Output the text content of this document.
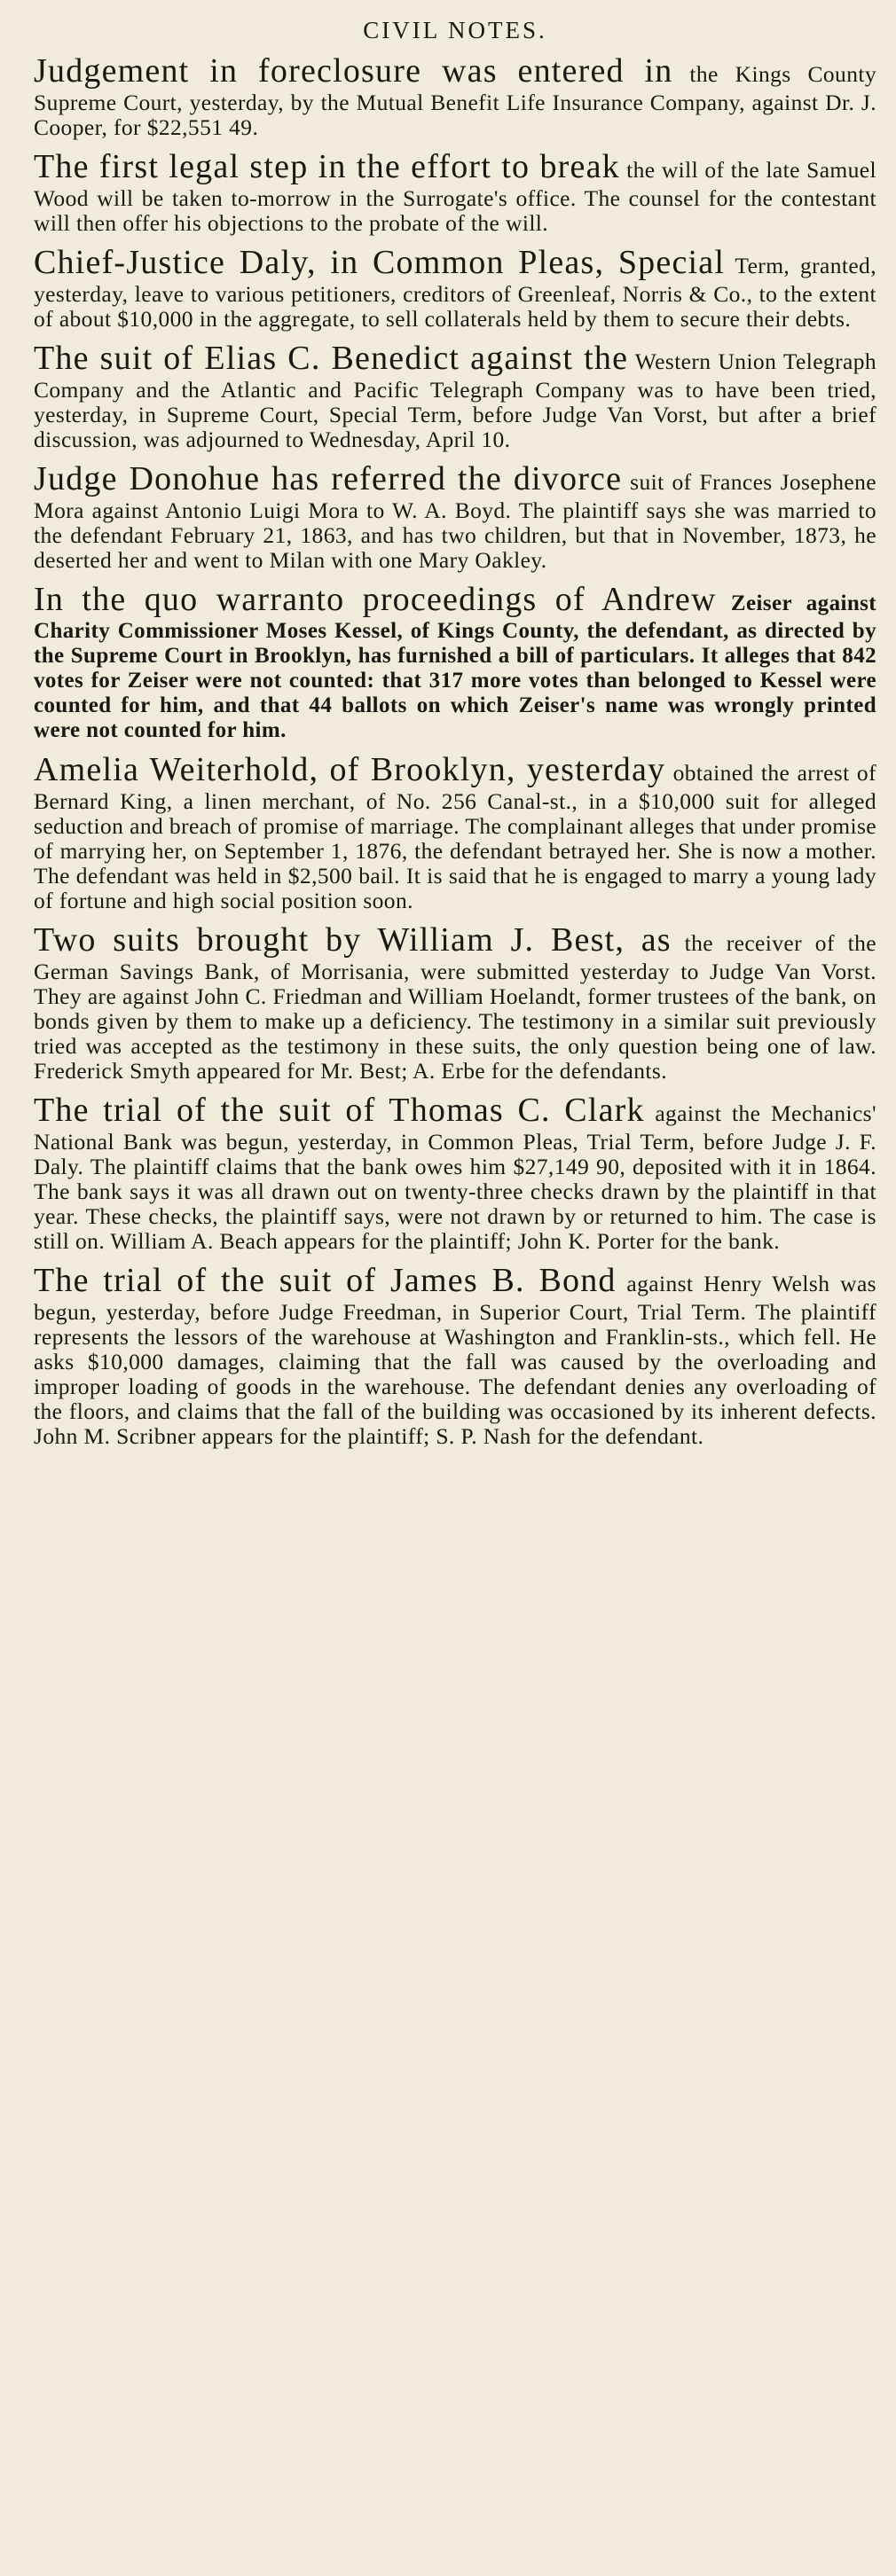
CIVIL NOTES.

Judgement in foreclosure was entered in the Kings County Supreme Court, yesterday, by the Mutual Benefit Life Insurance Company, against Dr. J. Cooper, for $22,551 49.

The first legal step in the effort to break the will of the late Samuel Wood will be taken to-morrow in the Surrogate's office. The counsel for the contestant will then offer his objections to the probate of the will.

Chief-Justice Daly, in Common Pleas, Special Term, granted, yesterday, leave to various petitioners, creditors of Greenleaf, Norris & Co., to the extent of about $10,000 in the aggregate, to sell collaterals held by them to secure their debts.

The suit of Elias C. Benedict against the Western Union Telegraph Company and the Atlantic and Pacific Telegraph Company was to have been tried, yesterday, in Supreme Court, Special Term, before Judge Van Vorst, but after a brief discussion, was adjourned to Wednesday, April 10.

Judge Donohue has referred the divorce suit of Frances Josephene Mora against Antonio Luigi Mora to W. A. Boyd. The plaintiff says she was married to the defendant February 21, 1863, and has two children, but that in November, 1873, he deserted her and went to Milan with one Mary Oakley.

In the quo warranto proceedings of Andrew Zeiser against Charity Commissioner Moses Kessel, of Kings County, the defendant, as directed by the Supreme Court in Brooklyn, has furnished a bill of particulars. It alleges that 842 votes for Zeiser were not counted: that 317 more votes than belonged to Kessel were counted for him, and that 44 ballots on which Zeiser's name was wrongly printed were not counted for him.

Amelia Weiterhold, of Brooklyn, yesterday obtained the arrest of Bernard King, a linen merchant, of No. 256 Canal-st., in a $10,000 suit for alleged seduction and breach of promise of marriage. The complainant alleges that under promise of marrying her, on September 1, 1876, the defendant betrayed her. She is now a mother. The defendant was held in $2,500 bail. It is said that he is engaged to marry a young lady of fortune and high social position soon.

Two suits brought by William J. Best, as the receiver of the German Savings Bank, of Morrisania, were submitted yesterday to Judge Van Vorst. They are against John C. Friedman and William Hoelandt, former trustees of the bank, on bonds given by them to make up a deficiency. The testimony in a similar suit previously tried was accepted as the testimony in these suits, the only question being one of law. Frederick Smyth appeared for Mr. Best; A. Erbe for the defendants.

The trial of the suit of Thomas C. Clark against the Mechanics' National Bank was begun, yesterday, in Common Pleas, Trial Term, before Judge J. F. Daly. The plaintiff claims that the bank owes him $27,149 90, deposited with it in 1864. The bank says it was all drawn out on twenty-three checks drawn by the plaintiff in that year. These checks, the plaintiff says, were not drawn by or returned to him. The case is still on. William A. Beach appears for the plaintiff; John K. Porter for the bank.

The trial of the suit of James B. Bond against Henry Welsh was begun, yesterday, before Judge Freedman, in Superior Court, Trial Term. The plaintiff represents the lessors of the warehouse at Washington and Franklin-sts., which fell. He asks $10,000 damages, claiming that the fall was caused by the overloading and improper loading of goods in the warehouse. The defendant denies any overloading of the floors, and claims that the fall of the building was occasioned by its inherent defects. John M. Scribner appears for the plaintiff; S. P. Nash for the defendant.
